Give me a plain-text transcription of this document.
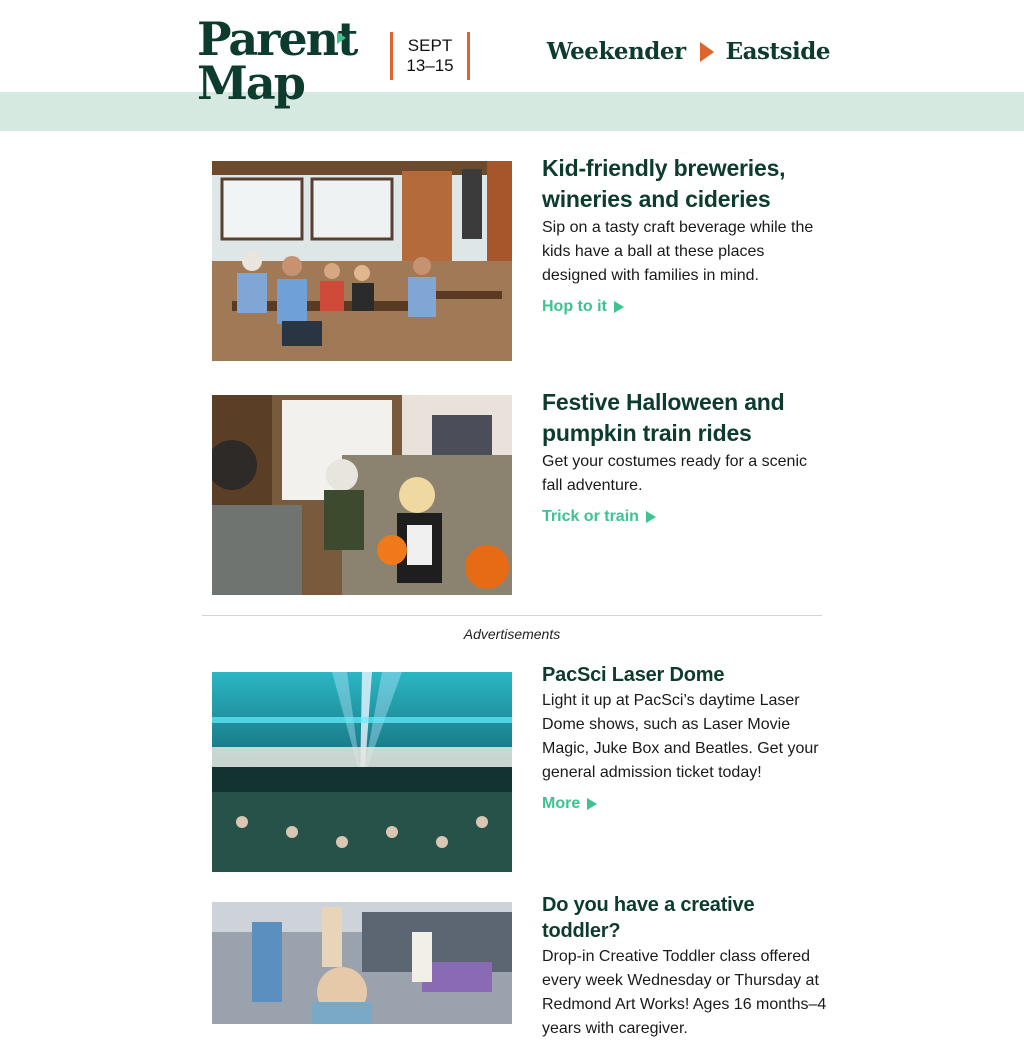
Parent
Map
SEPT
13–15
Weekender Eastside
Kid-friendly breweries, wineries and cideries

Sip on a tasty craft beverage while the kids have a ball at these places designed with families in mind.

Hop to it
Festive Halloween and pumpkin train rides

Get your costumes ready for a scenic fall adventure.

Trick or train
Advertisements
PacSci Laser Dome

Light it up at PacSci’s daytime Laser Dome shows, such as Laser Movie Magic, Juke Box and Beatles. Get your general admission ticket today!

More
Do you have a creative toddler?

Drop-in Creative Toddler class offered every week Wednesday or Thursday at Redmond Art Works! Ages 16 months–4 years with caregiver.
